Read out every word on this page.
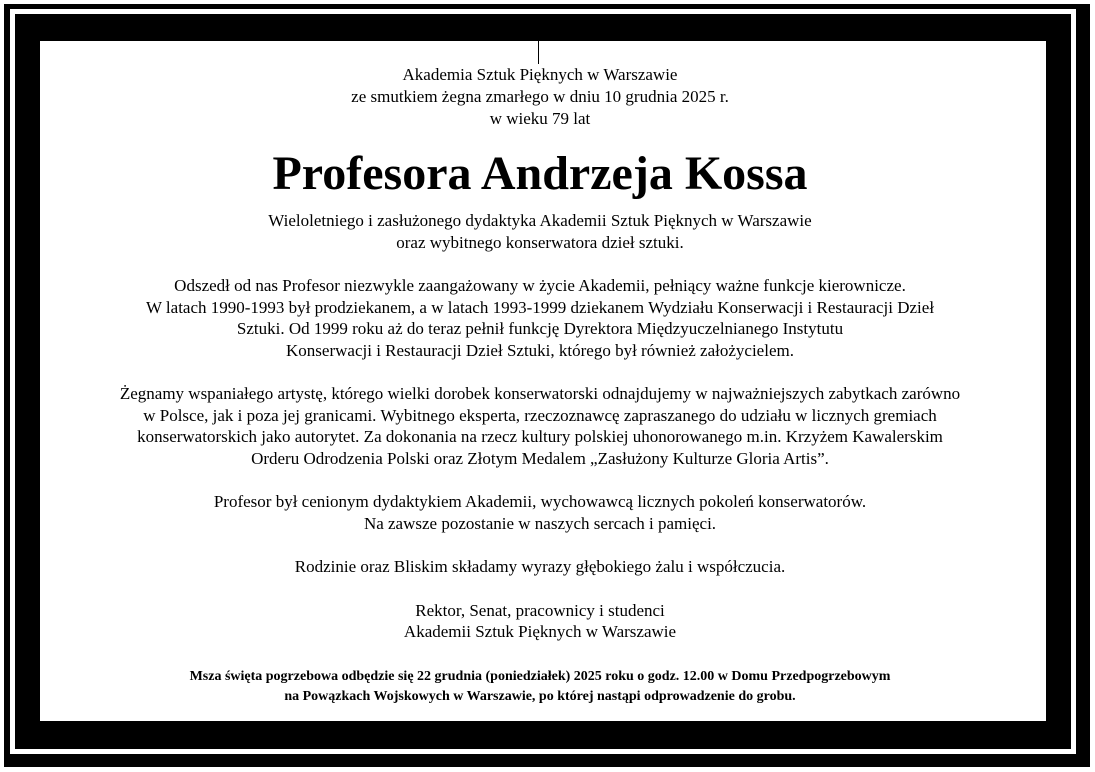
Akademia Sztuk Pięknych w Warszawie
ze smutkiem żegna zmarłego w dniu 10 grudnia 2025 r.
w wieku 79 lat
Profesora Andrzeja Kossa
Wieloletniego i zasłużonego dydaktyka Akademii Sztuk Pięknych w Warszawie
oraz wybitnego konserwatora dzieł sztuki.
Odszedł od nas Profesor niezwykle zaangażowany w życie Akademii, pełniący ważne funkcje kierownicze.
W latach 1990-1993 był prodziekanem, a w latach 1993-1999 dziekanem Wydziału Konserwacji i Restauracji Dzieł
Sztuki. Od 1999 roku aż do teraz pełnił funkcję Dyrektora Międzyuczelnianego Instytutu
Konserwacji i Restauracji Dzieł Sztuki, którego był również założycielem.
Żegnamy wspaniałego artystę, którego wielki dorobek konserwatorski odnajdujemy w najważniejszych zabytkach zarówno
w Polsce, jak i poza jej granicami. Wybitnego eksperta, rzeczoznawcę zapraszanego do udziału w licznych gremiach
konserwatorskich jako autorytet. Za dokonania na rzecz kultury polskiej uhonorowanego m.in. Krzyżem Kawalerskim
Orderu Odrodzenia Polski oraz Złotym Medalem „Zasłużony Kulturze Gloria Artis”.
Profesor był cenionym dydaktykiem Akademii, wychowawcą licznych pokoleń konserwatorów.
Na zawsze pozostanie w naszych sercach i pamięci.
Rodzinie oraz Bliskim składamy wyrazy głębokiego żalu i współczucia.
Rektor, Senat, pracownicy i studenci
Akademii Sztuk Pięknych w Warszawie
Msza święta pogrzebowa odbędzie się 22 grudnia (poniedziałek) 2025 roku o godz. 12.00 w Domu Przedpogrzebowym
na Powązkach Wojskowych w Warszawie, po której nastąpi odprowadzenie do grobu.
